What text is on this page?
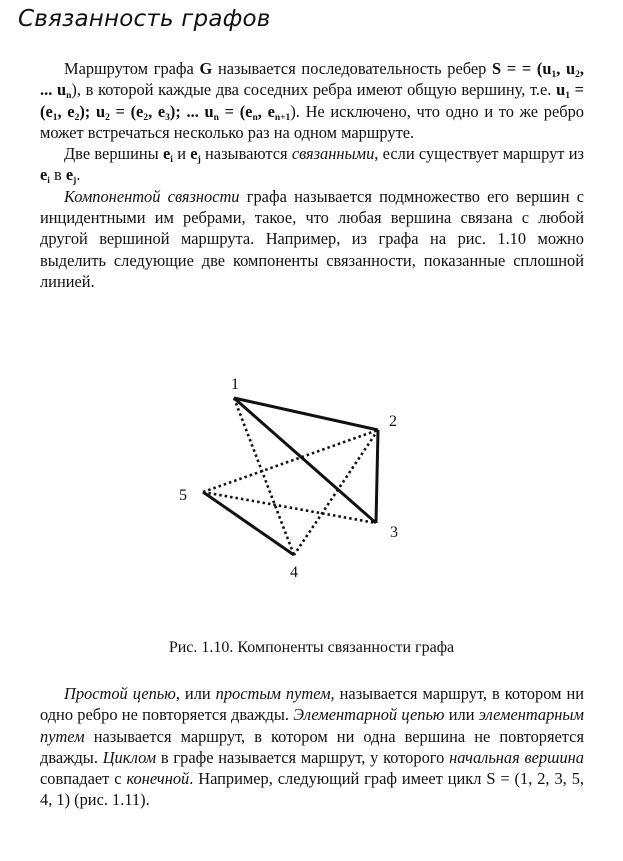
Связанность графов

Маршрутом графа G называется последовательность ребер S = = ($u_1$, $u_2$, ... $u_n$), в которой каждые два соседних ребра имеют общую вершину, т.е. $u_1 = (e_1$, $e_2$); $u_2 = (e_2$, $e_3$); ... $u_n = (e_n$, $e_{n+1}$). Не исключено, что одно и то же ребро может встречаться несколько раз на одном маршруте.

Две вершины $e_i$ и $e_j$ называются связанными, если существует маршрут из $e_i$ в $e_j$.

Компонентой связности графа называется подмножество его вершин с инцидентными им ребрами, такое, что любая вершина связана с любой другой вершиной маршрута. Например, из графа на рис. 1.10 можно выделить следующие две компоненты связанности, показанные сплошной линией.

1
2
3
4
5

Рис. 1.10. Компоненты связанности графа

Простой цепью, или простым путем, называется маршрут, в котором ни одно ребро не повторяется дважды. Элементарной цепью или элементарным путем называется маршрут, в котором ни одна вершина не повторяется дважды. Циклом в графе называется маршрут, у которого начальная вершина совпадает с конечной. Например, следующий граф имеет цикл S = (1, 2, 3, 5, 4, 1) (рис. 1.11).
